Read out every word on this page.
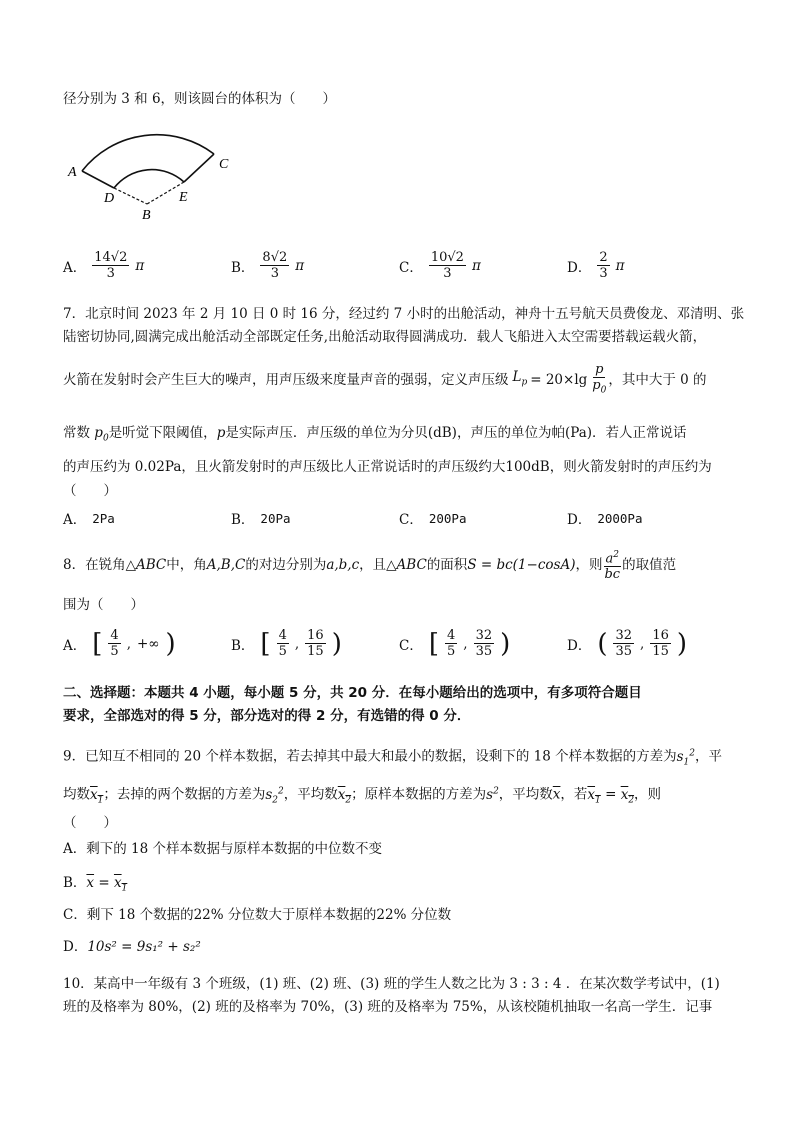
径分别为 3 和 6，则该圆台的体积为（　　）
A
C
D	E
B
A． $\frac{14√2}{3}$ π	B． $\frac{8√2}{3}$ π	C． $\frac{10√2}{3}$ π	D． $\frac{2}{3}$ π
7．北京时间 2023 年 2 月 10 日 0 时 16 分，经过约 7 小时的出舱活动，神舟十五号航天员费俊龙、邓清明、张
陆密切协同,圆满完成出舱活动全部既定任务,出舱活动取得圆满成功．载人飞船进入太空需要搭载运载火箭，
火箭在发射时会产生巨大的噪声，用声压级来度量声音的强弱，定义声压级 $L_p = 20\times\lg \frac{p}{p_0}$ ，其中大于 0 的
常数 $p_0$是听觉下限阈值，p是实际声压．声压级的单位为分贝(dB)，声压的单位为帕(Pa)．若人正常说话
的声压约为 0.02Pa，且火箭发射时的声压级比人正常说话时的声压级约大100dB，则火箭发射时的声压约为
（　　）
A． 2Pa	B． 20Pa	C． 200Pa	D． 2000Pa
8．在锐角 △ABC 中，角 A,B,C 的对边分别为 a,b,c ，且 △ABC 的面积 S = bc(1−cosA) ，则 $\frac{a^2}{bc}$ 的取值范
围为（　　）
A． [ $\frac{4}{5}$ , +∞ )	B． [ $\frac{4}{5}$ , $\frac{16}{15}$ )	C． [ $\frac{4}{5}$ , $\frac{32}{35}$ )	D． ( $\frac{32}{35}$ , $\frac{16}{15}$ )
二、选择题：本题共 4 小题，每小题 5 分，共 20 分．在每小题给出的选项中，有多项符合题目
要求，全部选对的得 5 分，部分选对的得 2 分，有选错的得 0 分．
9．已知互不相同的 20 个样本数据，若去掉其中最大和最小的数据，设剩下的 18 个样本数据的方差为$s_1^2$，平
均数$x_1$；去掉的两个数据的方差为$s_2^2$，平均数$x_2$；原样本数据的方差为$s^2$，平均数$\overline{x}$，若$x_1 = x_2$，则
（　　）
A．剩下的 18 个样本数据与原样本数据的中位数不变
B．$\overline{x} = x_1$
C．剩下 18 个数据的22% 分位数大于原样本数据的22% 分位数
D．10s² = 9s₁² + s₂²
10．某高中一年级有 3 个班级，(1) 班、(2) 班、(3) 班的学生人数之比为 3 : 3 : 4 ．在某次数学考试中，(1)
班的及格率为 80%，(2) 班的及格率为 70%，(3) 班的及格率为 75%，从该校随机抽取一名高一学生．记事
